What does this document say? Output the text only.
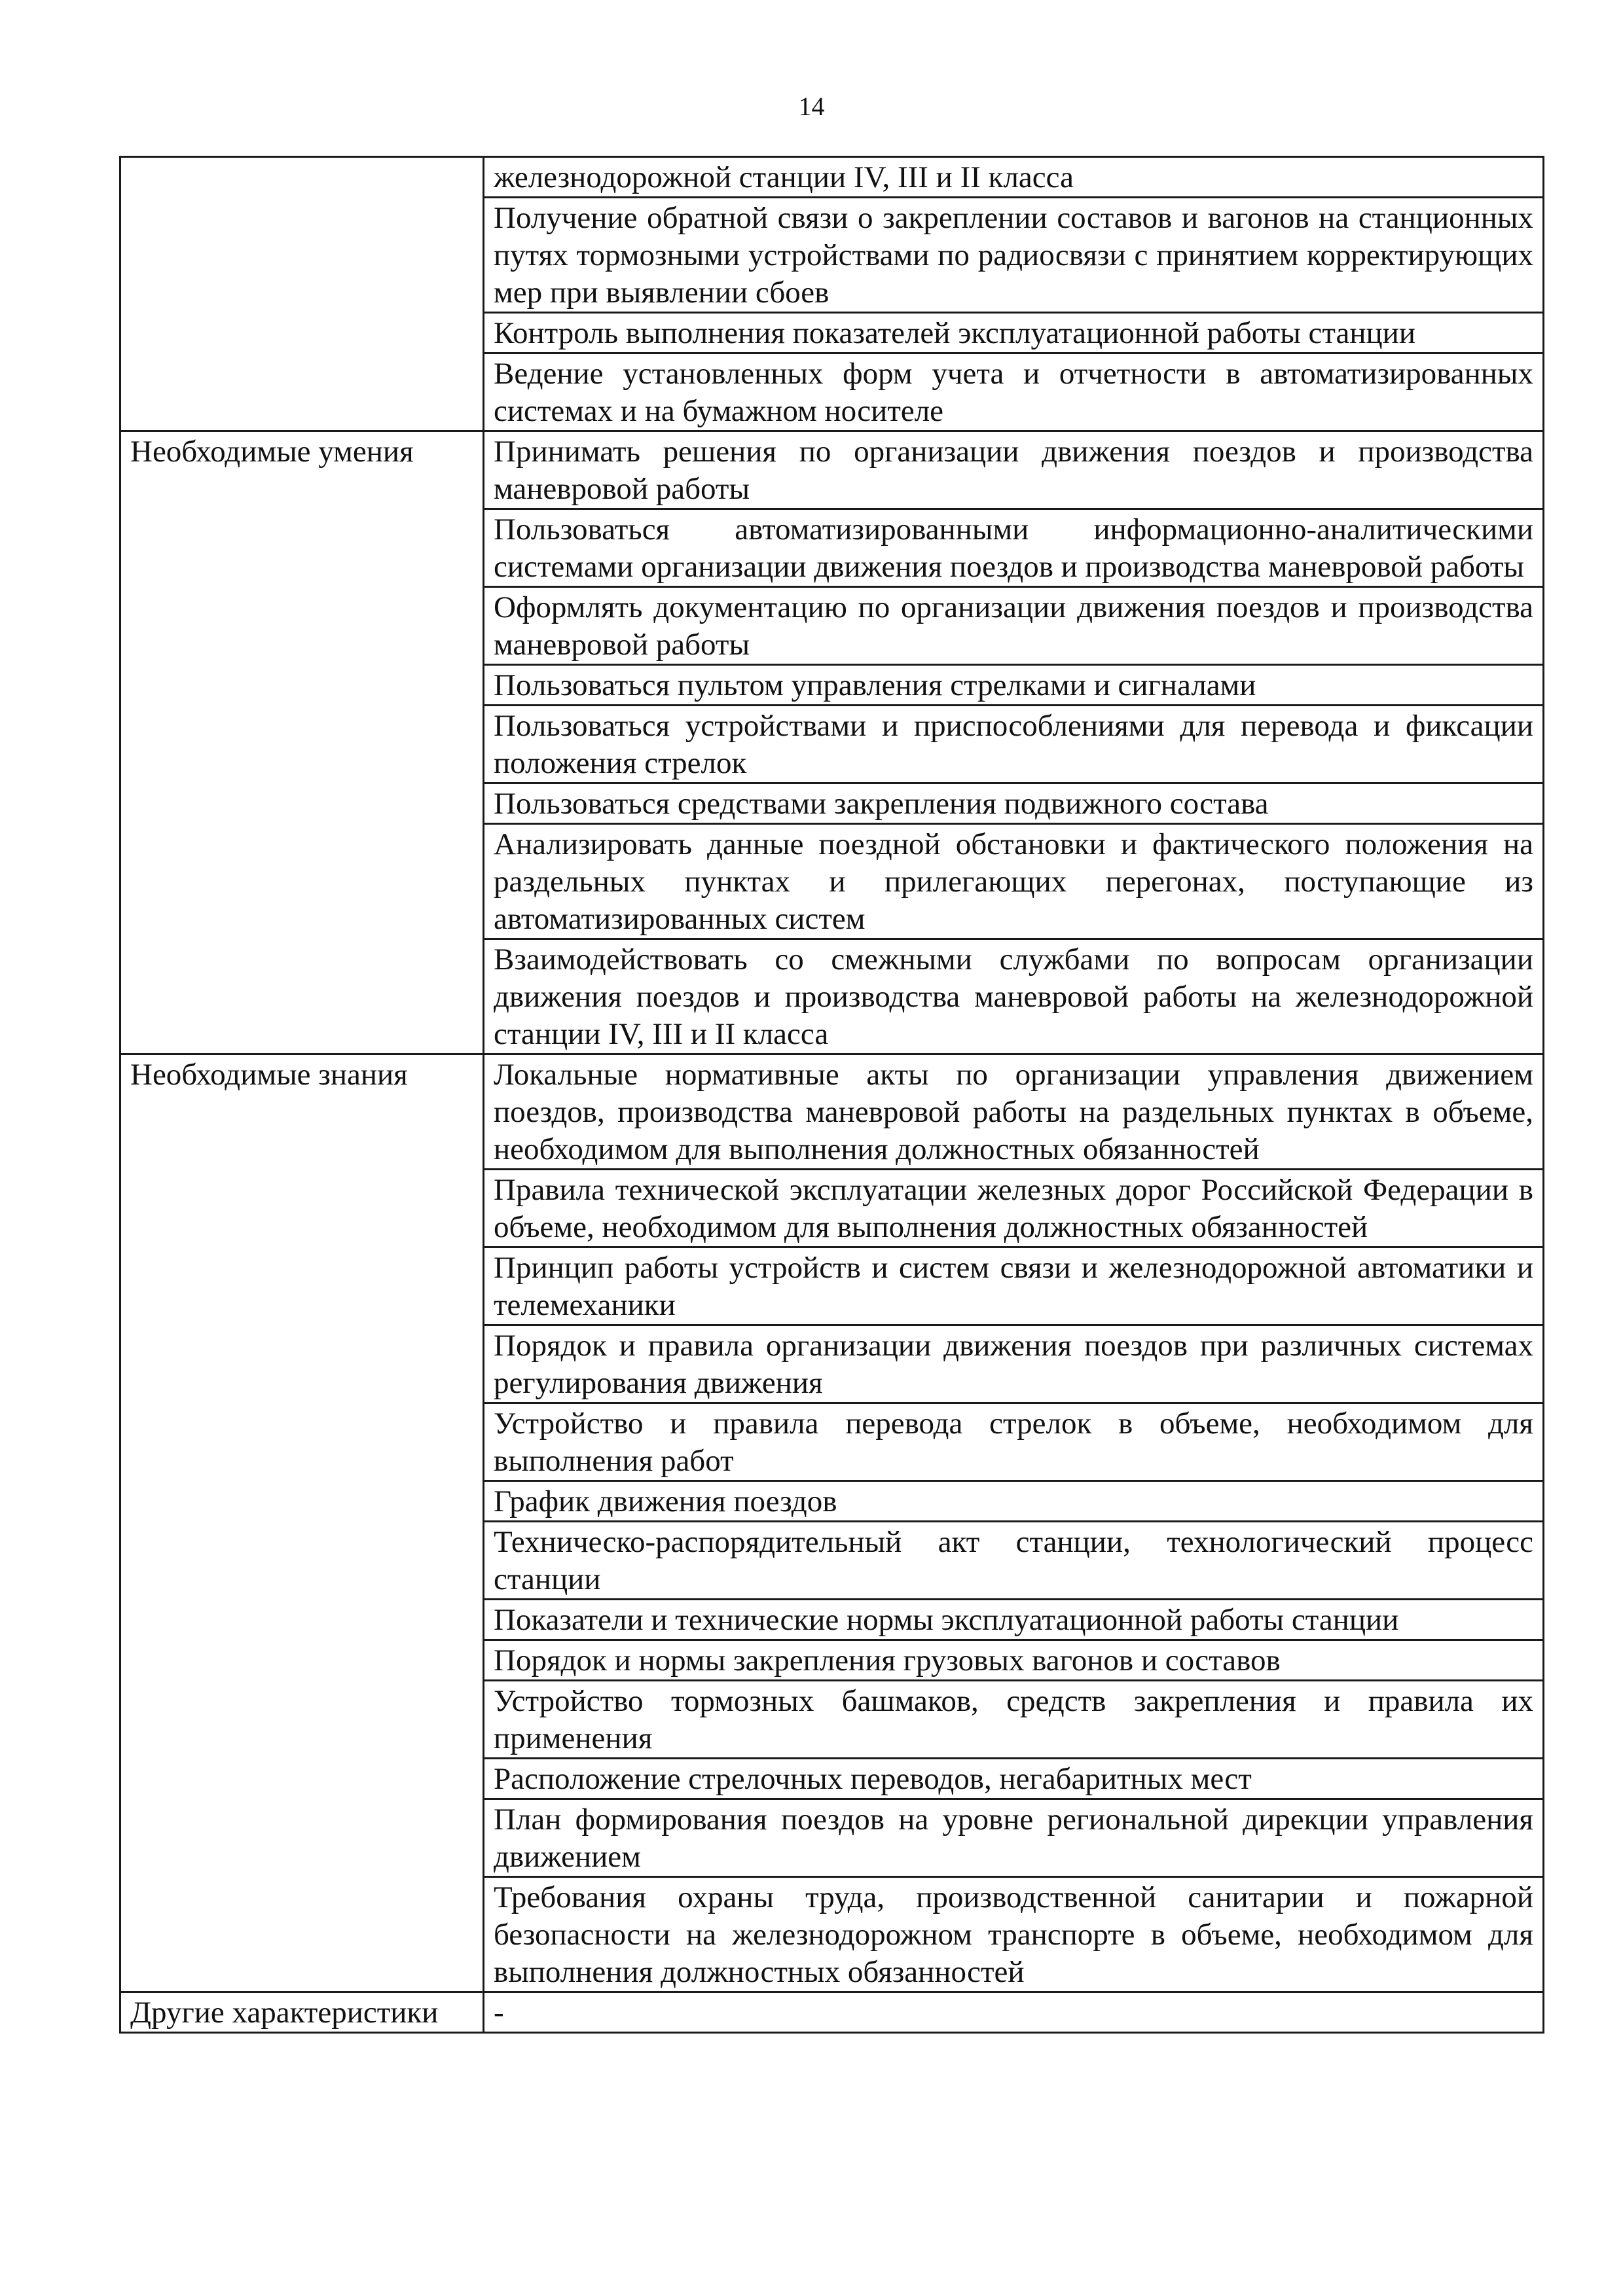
14
	железнодорожной станции IV, III и II класса
	Получение обратной связи о закреплении составов и вагонов на станционных путях тормозными устройствами по радиосвязи с принятием корректирующих мер при выявлении сбоев
	Контроль выполнения показателей эксплуатационной работы станции
	Ведение установленных форм учета и отчетности в автоматизированных системах и на бумажном носителе
Необходимые умения	Принимать решения по организации движения поездов и производства маневровой работы
	Пользоваться автоматизированными информационно-аналитическими системами организации движения поездов и производства маневровой работы
	Оформлять документацию по организации движения поездов и производства маневровой работы
	Пользоваться пультом управления стрелками и сигналами
	Пользоваться устройствами и приспособлениями для перевода и фиксации положения стрелок
	Пользоваться средствами закрепления подвижного состава
	Анализировать данные поездной обстановки и фактического положения на раздельных пунктах и прилегающих перегонах, поступающие из автоматизированных систем
	Взаимодействовать со смежными службами по вопросам организации движения поездов и производства маневровой работы на железнодорожной станции IV, III и II класса
Необходимые знания	Локальные нормативные акты по организации управления движением поездов, производства маневровой работы на раздельных пунктах в объеме, необходимом для выполнения должностных обязанностей
	Правила технической эксплуатации железных дорог Российской Федерации в объеме, необходимом для выполнения должностных обязанностей
	Принцип работы устройств и систем связи и железнодорожной автоматики и телемеханики
	Порядок и правила организации движения поездов при различных системах регулирования движения
	Устройство и правила перевода стрелок в объеме, необходимом для выполнения работ
	График движения поездов
	Техническо-распорядительный акт станции, технологический процесс станции
	Показатели и технические нормы эксплуатационной работы станции
	Порядок и нормы закрепления грузовых вагонов и составов
	Устройство тормозных башмаков, средств закрепления и правила их применения
	Расположение стрелочных переводов, негабаритных мест
	План формирования поездов на уровне региональной дирекции управления движением
	Требования охраны труда, производственной санитарии и пожарной безопасности на железнодорожном транспорте в объеме, необходимом для выполнения должностных обязанностей
Другие характеристики	-
